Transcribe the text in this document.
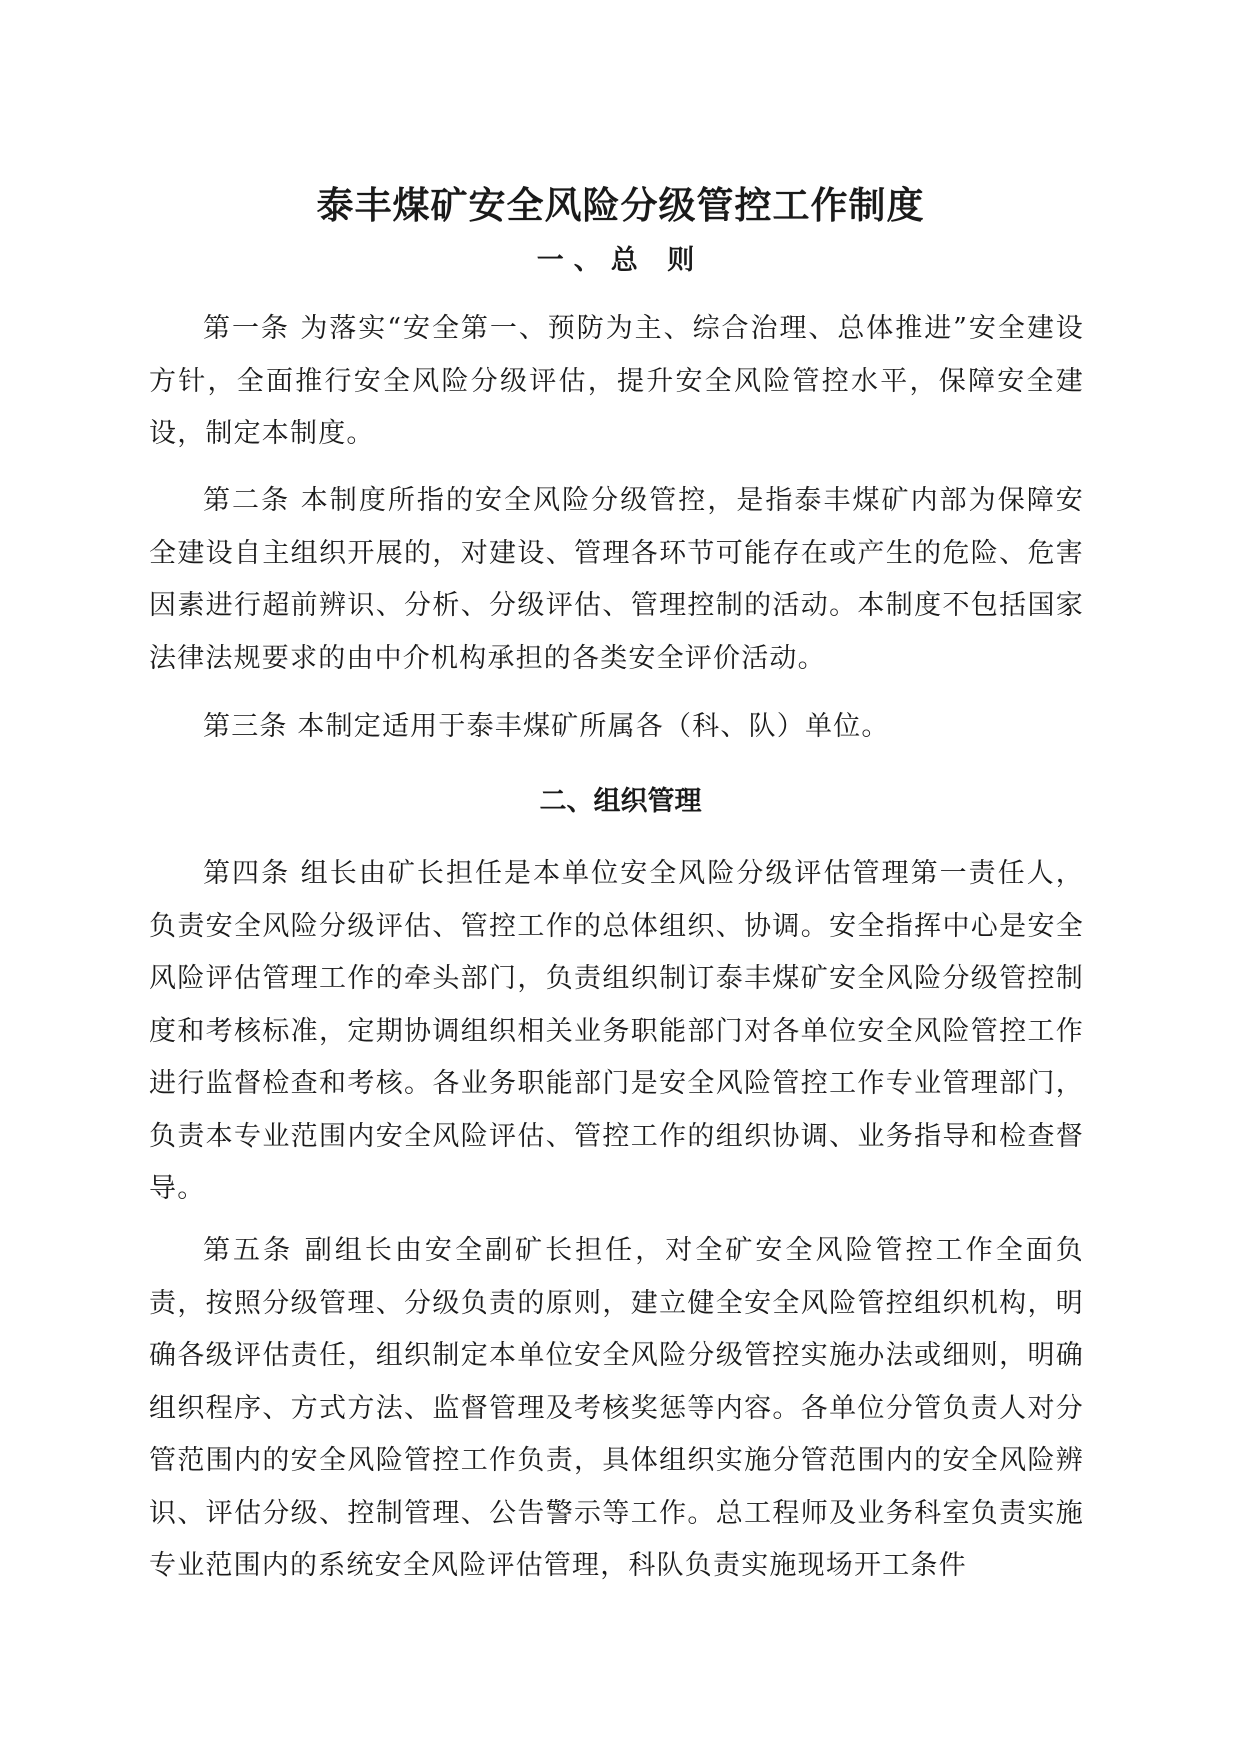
泰丰煤矿安全风险分级管控工作制度
一、总 则

第一条 为落实“安全第一、预防为主、综合治理、总体推进”安全建设方针，全面推行安全风险分级评估，提升安全风险管控水平，保障安全建设，制定本制度。

第二条 本制度所指的安全风险分级管控，是指泰丰煤矿内部为保障安全建设自主组织开展的，对建设、管理各环节可能存在或产生的危险、危害因素进行超前辨识、分析、分级评估、管理控制的活动。本制度不包括国家法律法规要求的由中介机构承担的各类安全评价活动。

第三条 本制定适用于泰丰煤矿所属各（科、队）单位。

二、组织管理

第四条 组长由矿长担任是本单位安全风险分级评估管理第一责任人，负责安全风险分级评估、管控工作的总体组织、协调。安全指挥中心是安全风险评估管理工作的牵头部门，负责组织制订泰丰煤矿安全风险分级管控制度和考核标准，定期协调组织相关业务职能部门对各单位安全风险管控工作进行监督检查和考核。各业务职能部门是安全风险管控工作专业管理部门，负责本专业范围内安全风险评估、管控工作的组织协调、业务指导和检查督导。

第五条 副组长由安全副矿长担任，对全矿安全风险管控工作全面负责，按照分级管理、分级负责的原则，建立健全安全风险管控组织机构，明确各级评估责任，组织制定本单位安全风险分级管控实施办法或细则，明确组织程序、方式方法、监督管理及考核奖惩等内容。各单位分管负责人对分管范围内的安全风险管控工作负责，具体组织实施分管范围内的安全风险辨识、评估分级、控制管理、公告警示等工作。总工程师及业务科室负责实施专业范围内的系统安全风险评估管理，科队负责实施现场开工条件
